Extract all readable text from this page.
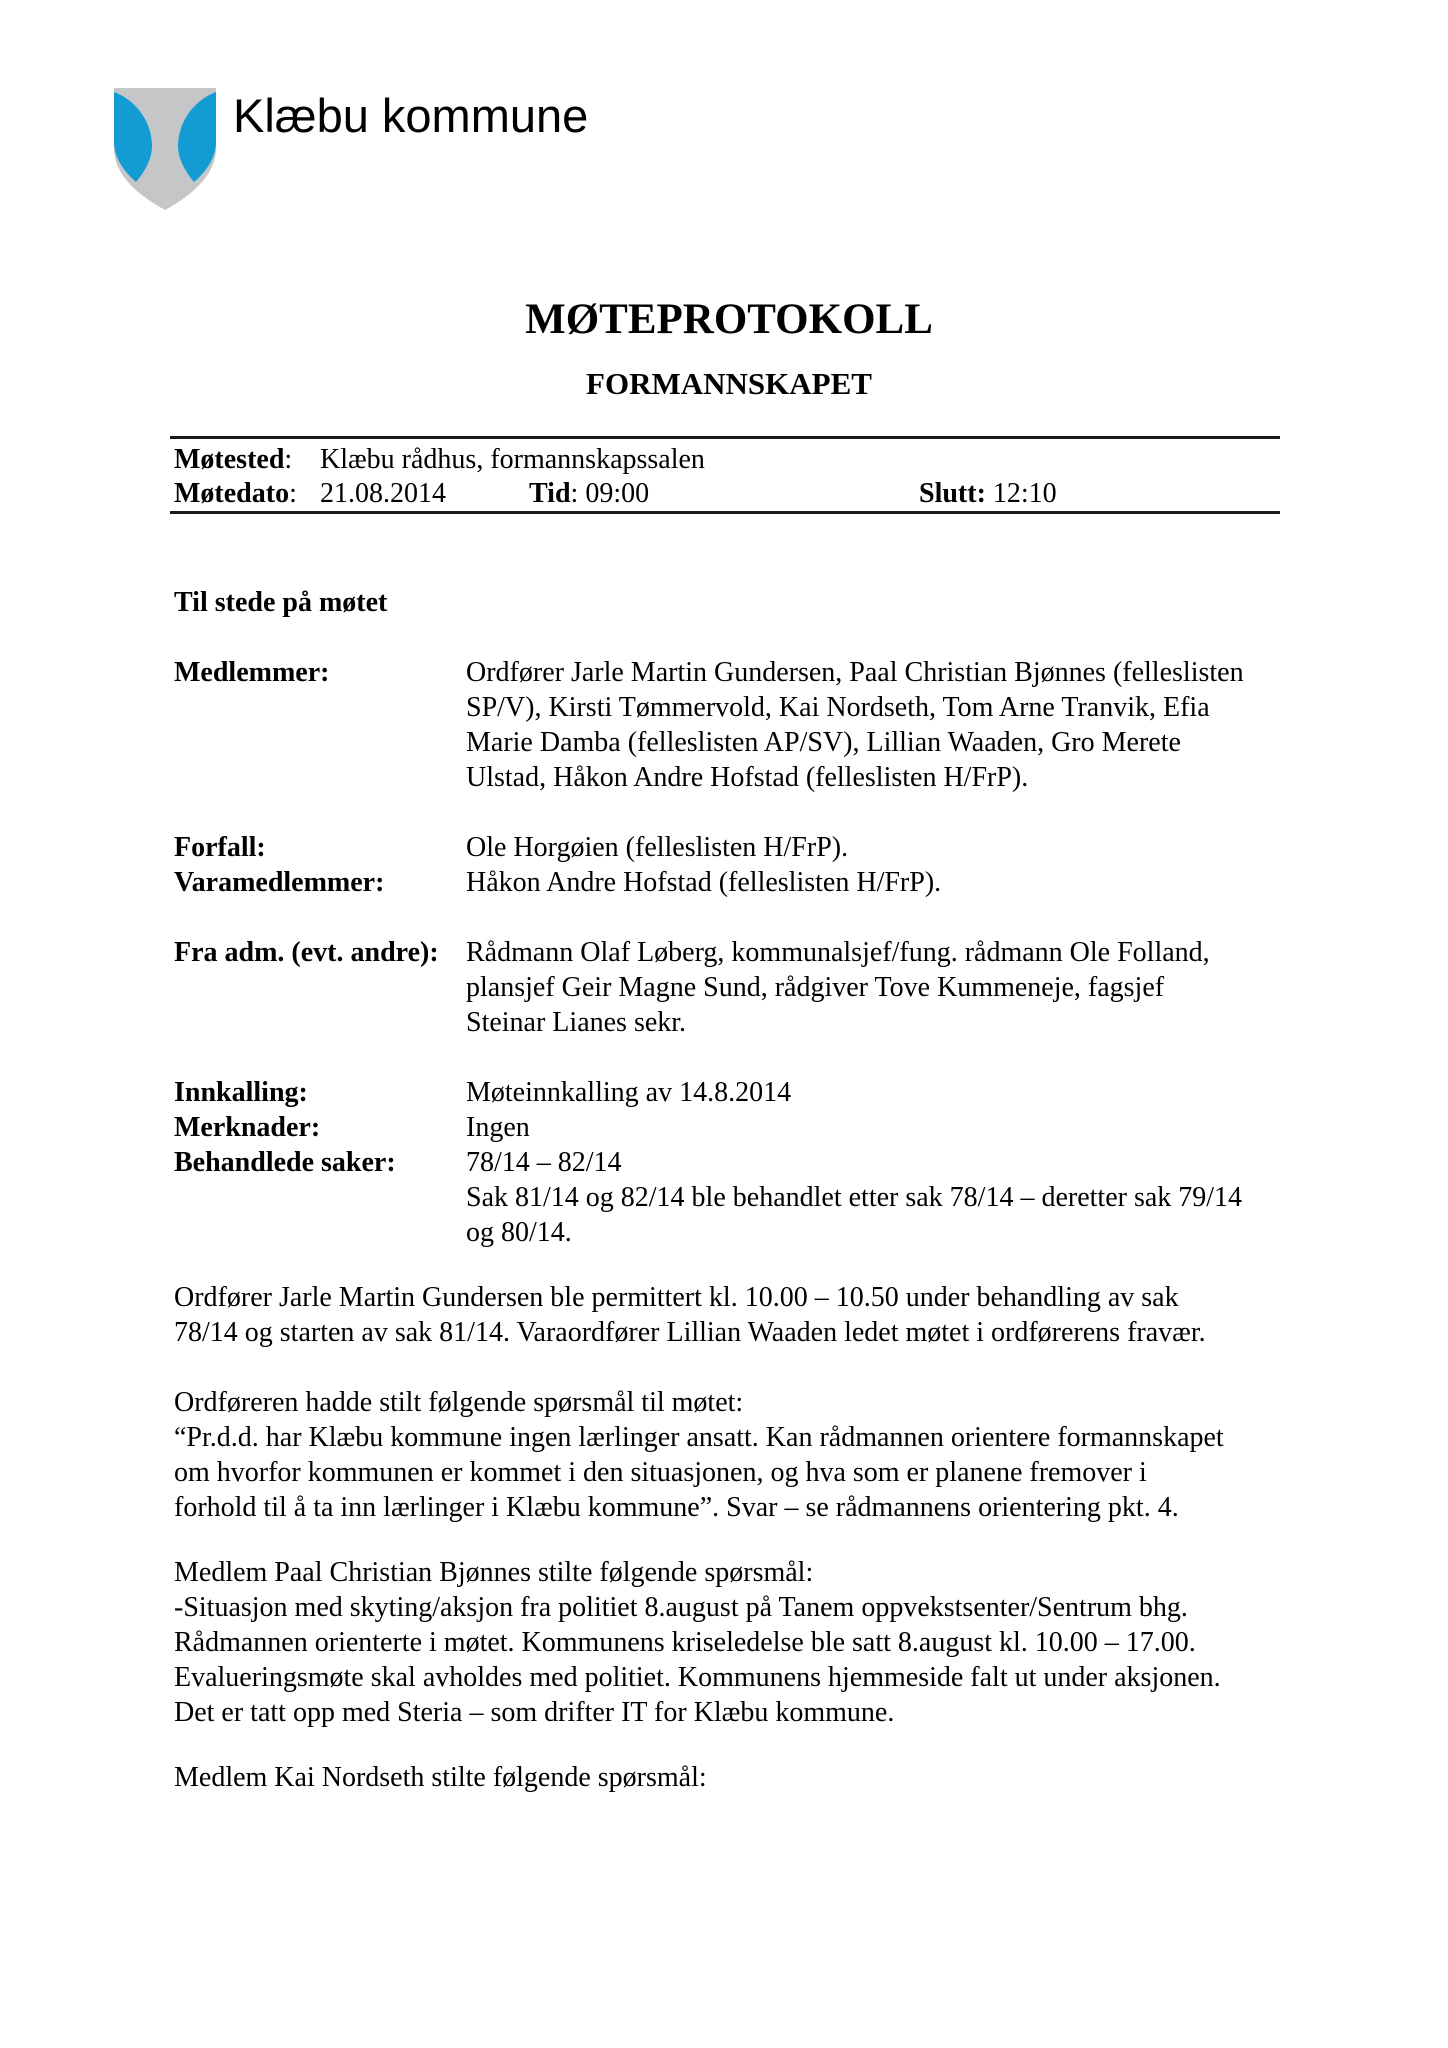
Klæbu kommune
MØTEPROTOKOLL
FORMANNSKAPET
Møtested: Klæbu rådhus, formannskapssalen
Møtedato: 21.08.2014	Tid: 09:00	Slutt: 12:10
Til stede på møtet
Medlemmer:	Ordfører Jarle Martin Gundersen, Paal Christian Bjønnes (felleslisten
SP/V), Kirsti Tømmervold, Kai Nordseth, Tom Arne Tranvik, Efia
Marie Damba (felleslisten AP/SV), Lillian Waaden, Gro Merete
Ulstad, Håkon Andre Hofstad (felleslisten H/FrP).
Forfall:	Ole Horgøien (felleslisten H/FrP).
Varamedlemmer:	Håkon Andre Hofstad (felleslisten H/FrP).
Fra adm. (evt. andre): Rådmann Olaf Løberg, kommunalsjef/fung. rådmann Ole Folland,
plansjef Geir Magne Sund, rådgiver Tove Kummeneje, fagsjef
Steinar Lianes sekr.
Innkalling:	Møteinnkalling av 14.8.2014
Merknader:	Ingen
Behandlede saker:	78/14 – 82/14
Sak 81/14 og 82/14 ble behandlet etter sak 78/14 – deretter sak 79/14
og 80/14.
Ordfører Jarle Martin Gundersen ble permittert kl. 10.00 – 10.50 under behandling av sak
78/14 og starten av sak 81/14. Varaordfører Lillian Waaden ledet møtet i ordførerens fravær.
Ordføreren hadde stilt følgende spørsmål til møtet:
“Pr.d.d. har Klæbu kommune ingen lærlinger ansatt. Kan rådmannen orientere formannskapet
om hvorfor kommunen er kommet i den situasjonen, og hva som er planene fremover i
forhold til å ta inn lærlinger i Klæbu kommune”. Svar – se rådmannens orientering pkt. 4.
Medlem Paal Christian Bjønnes stilte følgende spørsmål:
-Situasjon med skyting/aksjon fra politiet 8.august på Tanem oppvekstsenter/Sentrum bhg.
Rådmannen orienterte i møtet. Kommunens kriseledelse ble satt 8.august kl. 10.00 – 17.00.
Evalueringsmøte skal avholdes med politiet. Kommunens hjemmeside falt ut under aksjonen.
Det er tatt opp med Steria – som drifter IT for Klæbu kommune.
Medlem Kai Nordseth stilte følgende spørsmål:
